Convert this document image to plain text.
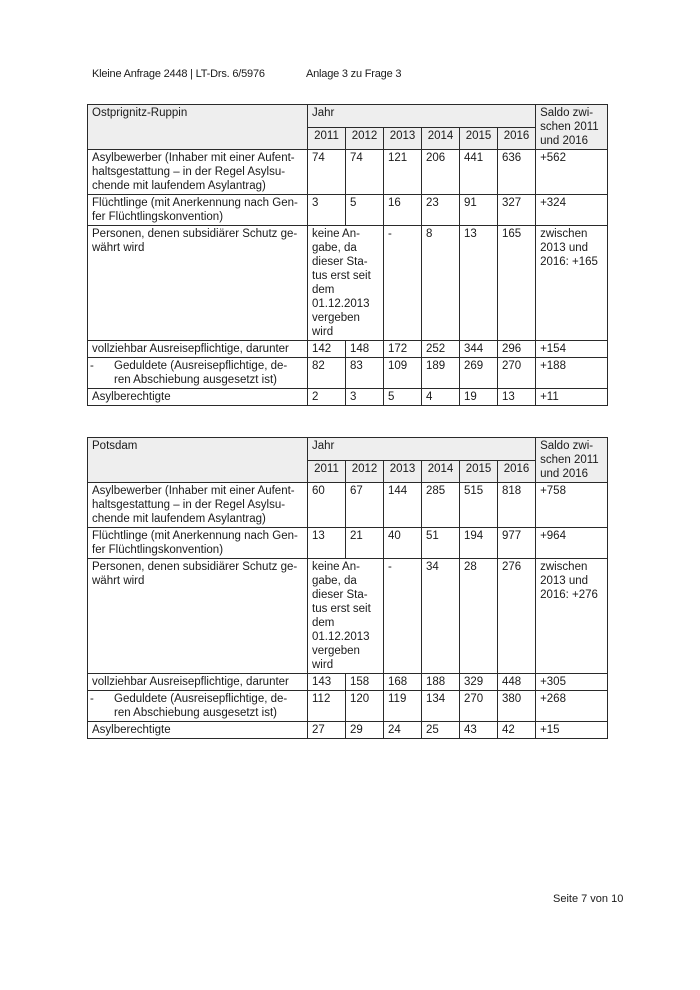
Kleine Anfrage 2448 | LT-Drs. 6/5976	Anlage 3 zu Frage 3
Ostprignitz-Ruppin	Jahr						Saldo zwi-schen 2011 und 2016
	2011	2012	2013	2014	2015	2016	
Asylbewerber (Inhaber mit einer Aufent-haltsgestattung – in der Regel Asylsu-chende mit laufendem Asylantrag)	74	74	121	206	441	636	+562
Flüchtlinge (mit Anerkennung nach Gen-fer Flüchtlingskonvention)	3	5	16	23	91	327	+324
Personen, denen subsidiärer Schutz ge-währt wird	keine An-gabe, da dieser Sta-tus erst seit dem 01.12.2013 vergeben wird		-	8	13	165	zwischen 2013 und 2016: +165
vollziehbar Ausreisepflichtige, darunter	142	148	172	252	344	296	+154
- Geduldete (Ausreisepflichtige, de-ren Abschiebung ausgesetzt ist)	82	83	109	189	269	270	+188
Asylberechtigte	2	3	5	4	19	13	+11
Potsdam	Jahr						Saldo zwi-schen 2011 und 2016
	2011	2012	2013	2014	2015	2016	
Asylbewerber (Inhaber mit einer Aufent-haltsgestattung – in der Regel Asylsu-chende mit laufendem Asylantrag)	60	67	144	285	515	818	+758
Flüchtlinge (mit Anerkennung nach Gen-fer Flüchtlingskonvention)	13	21	40	51	194	977	+964
Personen, denen subsidiärer Schutz ge-währt wird	keine An-gabe, da dieser Sta-tus erst seit dem 01.12.2013 vergeben wird		-	34	28	276	zwischen 2013 und 2016: +276
vollziehbar Ausreisepflichtige, darunter	143	158	168	188	329	448	+305
- Geduldete (Ausreisepflichtige, de-ren Abschiebung ausgesetzt ist)	112	120	119	134	270	380	+268
Asylberechtigte	27	29	24	25	43	42	+15
Seite 7 von 10
